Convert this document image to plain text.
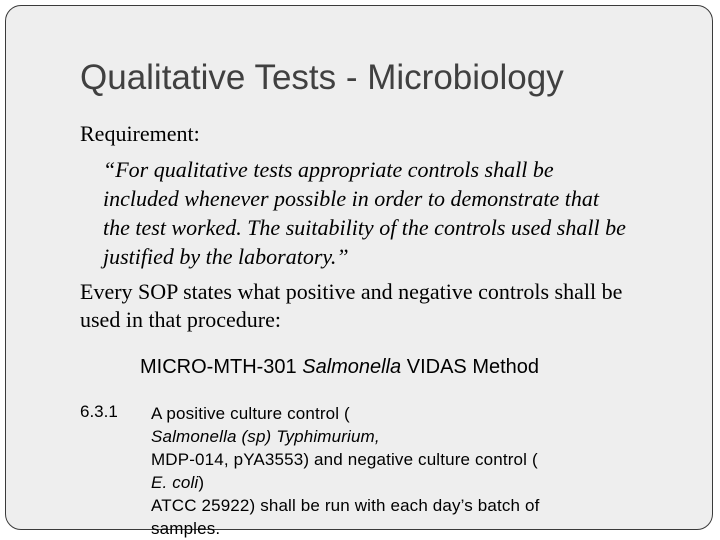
Qualitative Tests - Microbiology
Requirement:
“For qualitative tests appropriate controls shall be
included whenever possible in order to demonstrate that
the test worked. The suitability of the controls used shall be
justified by the laboratory.”
Every SOP states what positive and negative controls shall be
used in that procedure:
MICRO-MTH-301 Salmonella VIDAS Method
6.3.1 A positive culture control (
Salmonella (sp) Typhimurium,
MDP-014, pYA3553) and negative culture control (
E. coli)
ATCC 25922) shall be run with each day’s batch of
samples.
